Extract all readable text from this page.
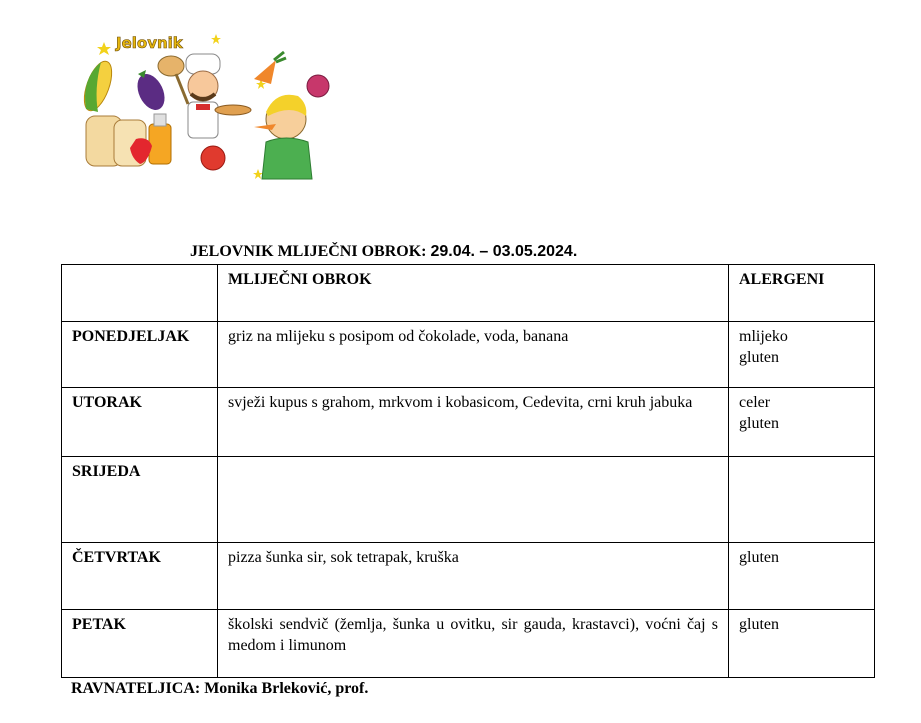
Jelovnik
JELOVNIK MLIJEČNI OBROK: 29.04. – 03.05.2024.
	MLIJEČNI OBROK	ALERGENI
PONEDJELJAK	griz na mlijeku s posipom od čokolade, voda, banana	mlijeko
gluten

UTORAK	svježi kupus s grahom, mrkvom i kobasicom, Cedevita, crni kruh jabuka	celer
gluten

SRIJEDA		
ČETVRTAK	pizza šunka sir, sok tetrapak, kruška	gluten

PETAK	školski sendvič (žemlja, šunka u ovitku, sir gauda, krastavci), voćni čaj s medom i limunom	gluten
RAVNATELJICA: Monika Brleković, prof.
